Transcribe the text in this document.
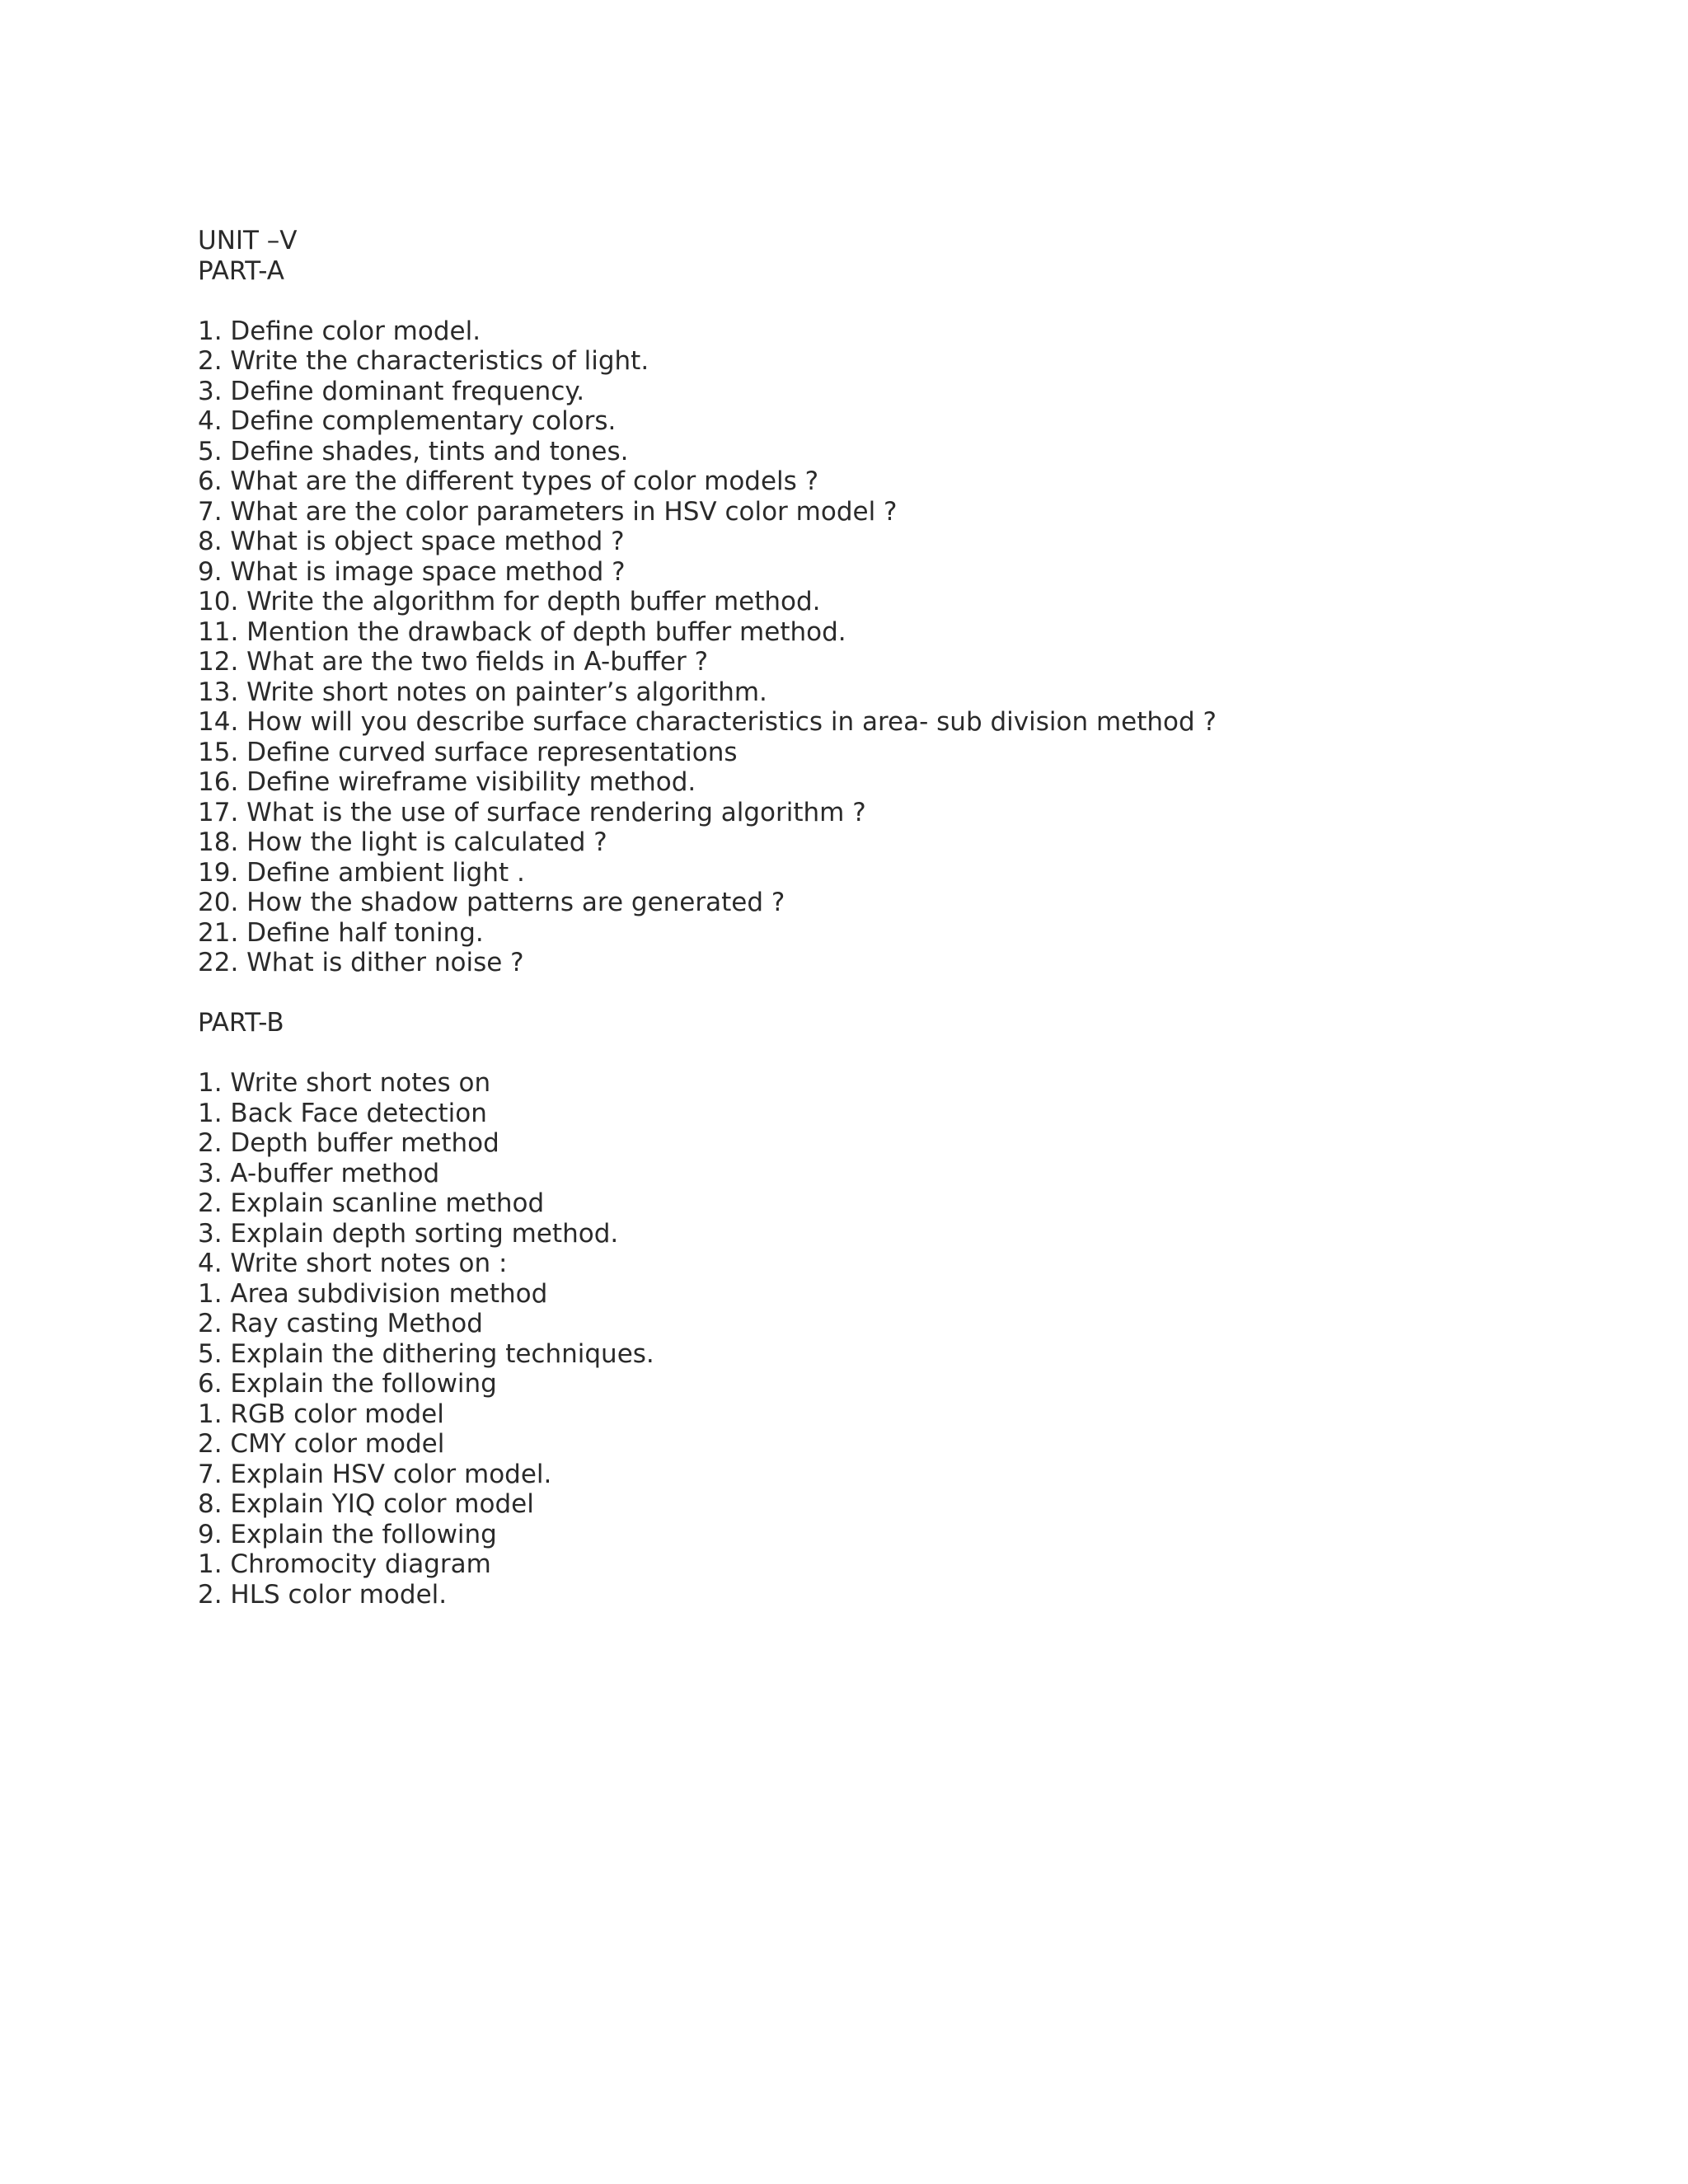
UNIT –V

PART-A

1. Define color model.

2. Write the characteristics of light.

3. Define dominant frequency.

4. Define complementary colors.

5. Define shades, tints and tones.

6. What are the different types of color models ?

7. What are the color parameters in HSV color model ?

8. What is object space method ?

9. What is image space method ?

10. Write the algorithm for depth buffer method.

11. Mention the drawback of depth buffer method.

12. What are the two fields in A-buffer ?

13. Write short notes on painter’s algorithm.

14. How will you describe surface characteristics in area- sub division method ?

15. Define curved surface representations

16. Define wireframe visibility method.

17. What is the use of surface rendering algorithm ?

18. How the light is calculated ?

19. Define ambient light .

20. How the shadow patterns are generated ?

21. Define half toning.

22. What is dither noise ?

PART-B

1. Write short notes on

1. Back Face detection

2. Depth buffer method

3. A-buffer method

2. Explain scanline method

3. Explain depth sorting method.

4. Write short notes on :

1. Area subdivision method

2. Ray casting Method

5. Explain the dithering techniques.

6. Explain the following

1. RGB color model

2. CMY color model

7. Explain HSV color model.

8. Explain YIQ color model

9. Explain the following

1. Chromocity diagram

2. HLS color model.
